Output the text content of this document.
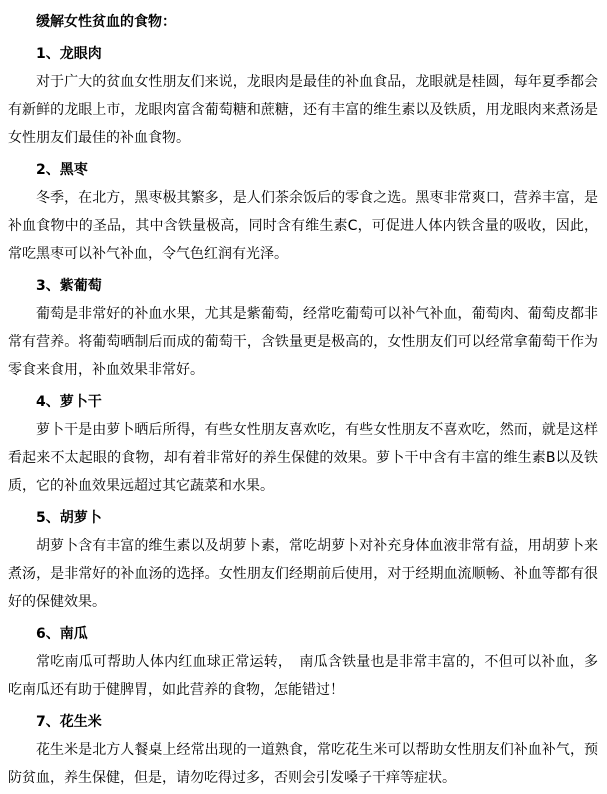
缓解女性贫血的食物：

1、龙眼肉

对于广大的贫血女性朋友们来说，龙眼肉是最佳的补血食品，龙眼就是桂圆，每年夏季都会有新鲜的龙眼上市，龙眼肉富含葡萄糖和蔗糖，还有丰富的维生素以及铁质，用龙眼肉来煮汤是女性朋友们最佳的补血食物。

2、黑枣

冬季，在北方，黑枣极其繁多，是人们茶余饭后的零食之选。黑枣非常爽口，营养丰富，是补血食物中的圣品，其中含铁量极高，同时含有维生素C，可促进人体内铁含量的吸收，因此，常吃黑枣可以补气补血，令气色红润有光泽。

3、紫葡萄

葡萄是非常好的补血水果，尤其是紫葡萄，经常吃葡萄可以补气补血，葡萄肉、葡萄皮都非常有营养。将葡萄晒制后而成的葡萄干，含铁量更是极高的，女性朋友们可以经常拿葡萄干作为零食来食用，补血效果非常好。

4、萝卜干

萝卜干是由萝卜晒后所得，有些女性朋友喜欢吃，有些女性朋友不喜欢吃，然而，就是这样看起来不太起眼的食物，却有着非常好的养生保健的效果。萝卜干中含有丰富的维生素B以及铁质，它的补血效果远超过其它蔬菜和水果。

5、胡萝卜

胡萝卜含有丰富的维生素以及胡萝卜素，常吃胡萝卜对补充身体血液非常有益，用胡萝卜来煮汤，是非常好的补血汤的选择。女性朋友们经期前后使用，对于经期血流顺畅、补血等都有很好的保健效果。

6、南瓜

常吃南瓜可帮助人体内红血球正常运转，　南瓜含铁量也是非常丰富的，不但可以补血，多吃南瓜还有助于健脾胃，如此营养的食物，怎能错过！

7、花生米

花生米是北方人餐桌上经常出现的一道熟食，常吃花生米可以帮助女性朋友们补血补气，预防贫血，养生保健，但是，请勿吃得过多，否则会引发嗓子干痒等症状。
